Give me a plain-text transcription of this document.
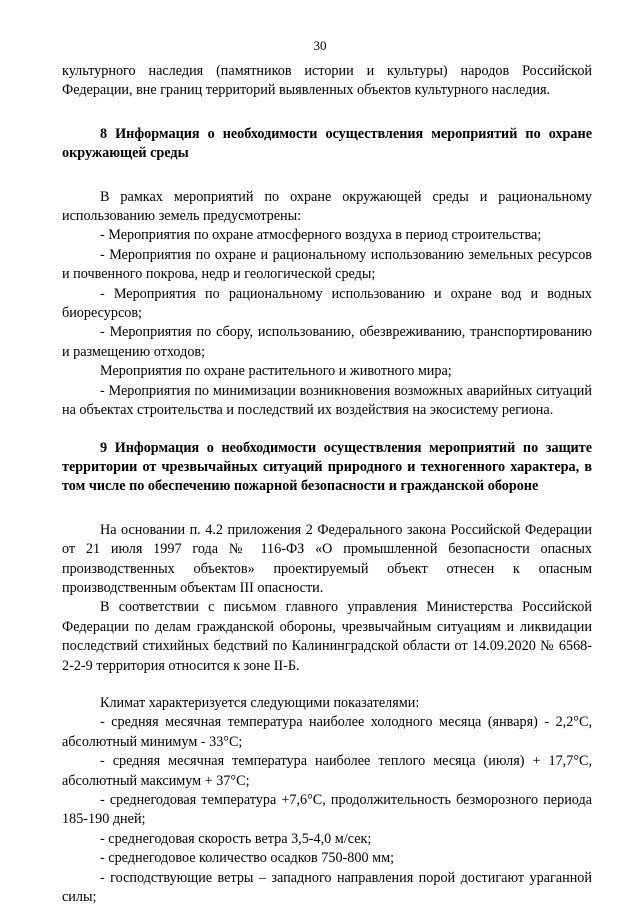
30

культурного наследия (памятников истории и культуры) народов Российской Федерации, вне границ территорий выявленных объектов культурного наследия.

8 Информация о необходимости осуществления мероприятий по охране окружающей среды

В рамках мероприятий по охране окружающей среды и рациональному использованию земель предусмотрены:

- Мероприятия по охране атмосферного воздуха в период строительства;

- Мероприятия по охране и рациональному использованию земельных ресурсов и почвенного покрова, недр и геологической среды;

- Мероприятия по рациональному использованию и охране вод и водных биоресурсов;

- Мероприятия по сбору, использованию, обезвреживанию, транспортированию и размещению отходов;

Мероприятия по охране растительного и животного мира;

- Мероприятия по минимизации возникновения возможных аварийных ситуаций на объектах строительства и последствий их воздействия на экосистему региона.

9 Информация о необходимости осуществления мероприятий по защите территории от чрезвычайных ситуаций природного и техногенного характера, в том числе по обеспечению пожарной безопасности и гражданской обороне

На основании п. 4.2 приложения 2 Федерального закона Российской Федерации от 21 июля 1997 года № 116-ФЗ «О промышленной безопасности опасных производственных объектов» проектируемый объект отнесен к опасным производственным объектам III опасности.

В соответствии с письмом главного управления Министерства Российской Федерации по делам гражданской обороны, чрезвычайным ситуациям и ликвидации последствий стихийных бедствий по Калининградской области от 14.09.2020 № 6568-2-2-9 территория относится к зоне II-Б.

Климат характеризуется следующими показателями:

- средняя месячная температура наиболее холодного месяца (января) - 2,2°С, абсолютный минимум - 33°С;

- средняя месячная температура наиболее теплого месяца (июля) + 17,7°С, абсолютный максимум + 37°С;

- среднегодовая температура +7,6°С, продолжительность безморозного периода 185-190 дней;

- среднегодовая скорость ветра 3,5-4,0 м/сек;

- среднегодовое количество осадков 750-800 мм;

- господствующие ветры – западного направления порой достигают ураганной силы;
